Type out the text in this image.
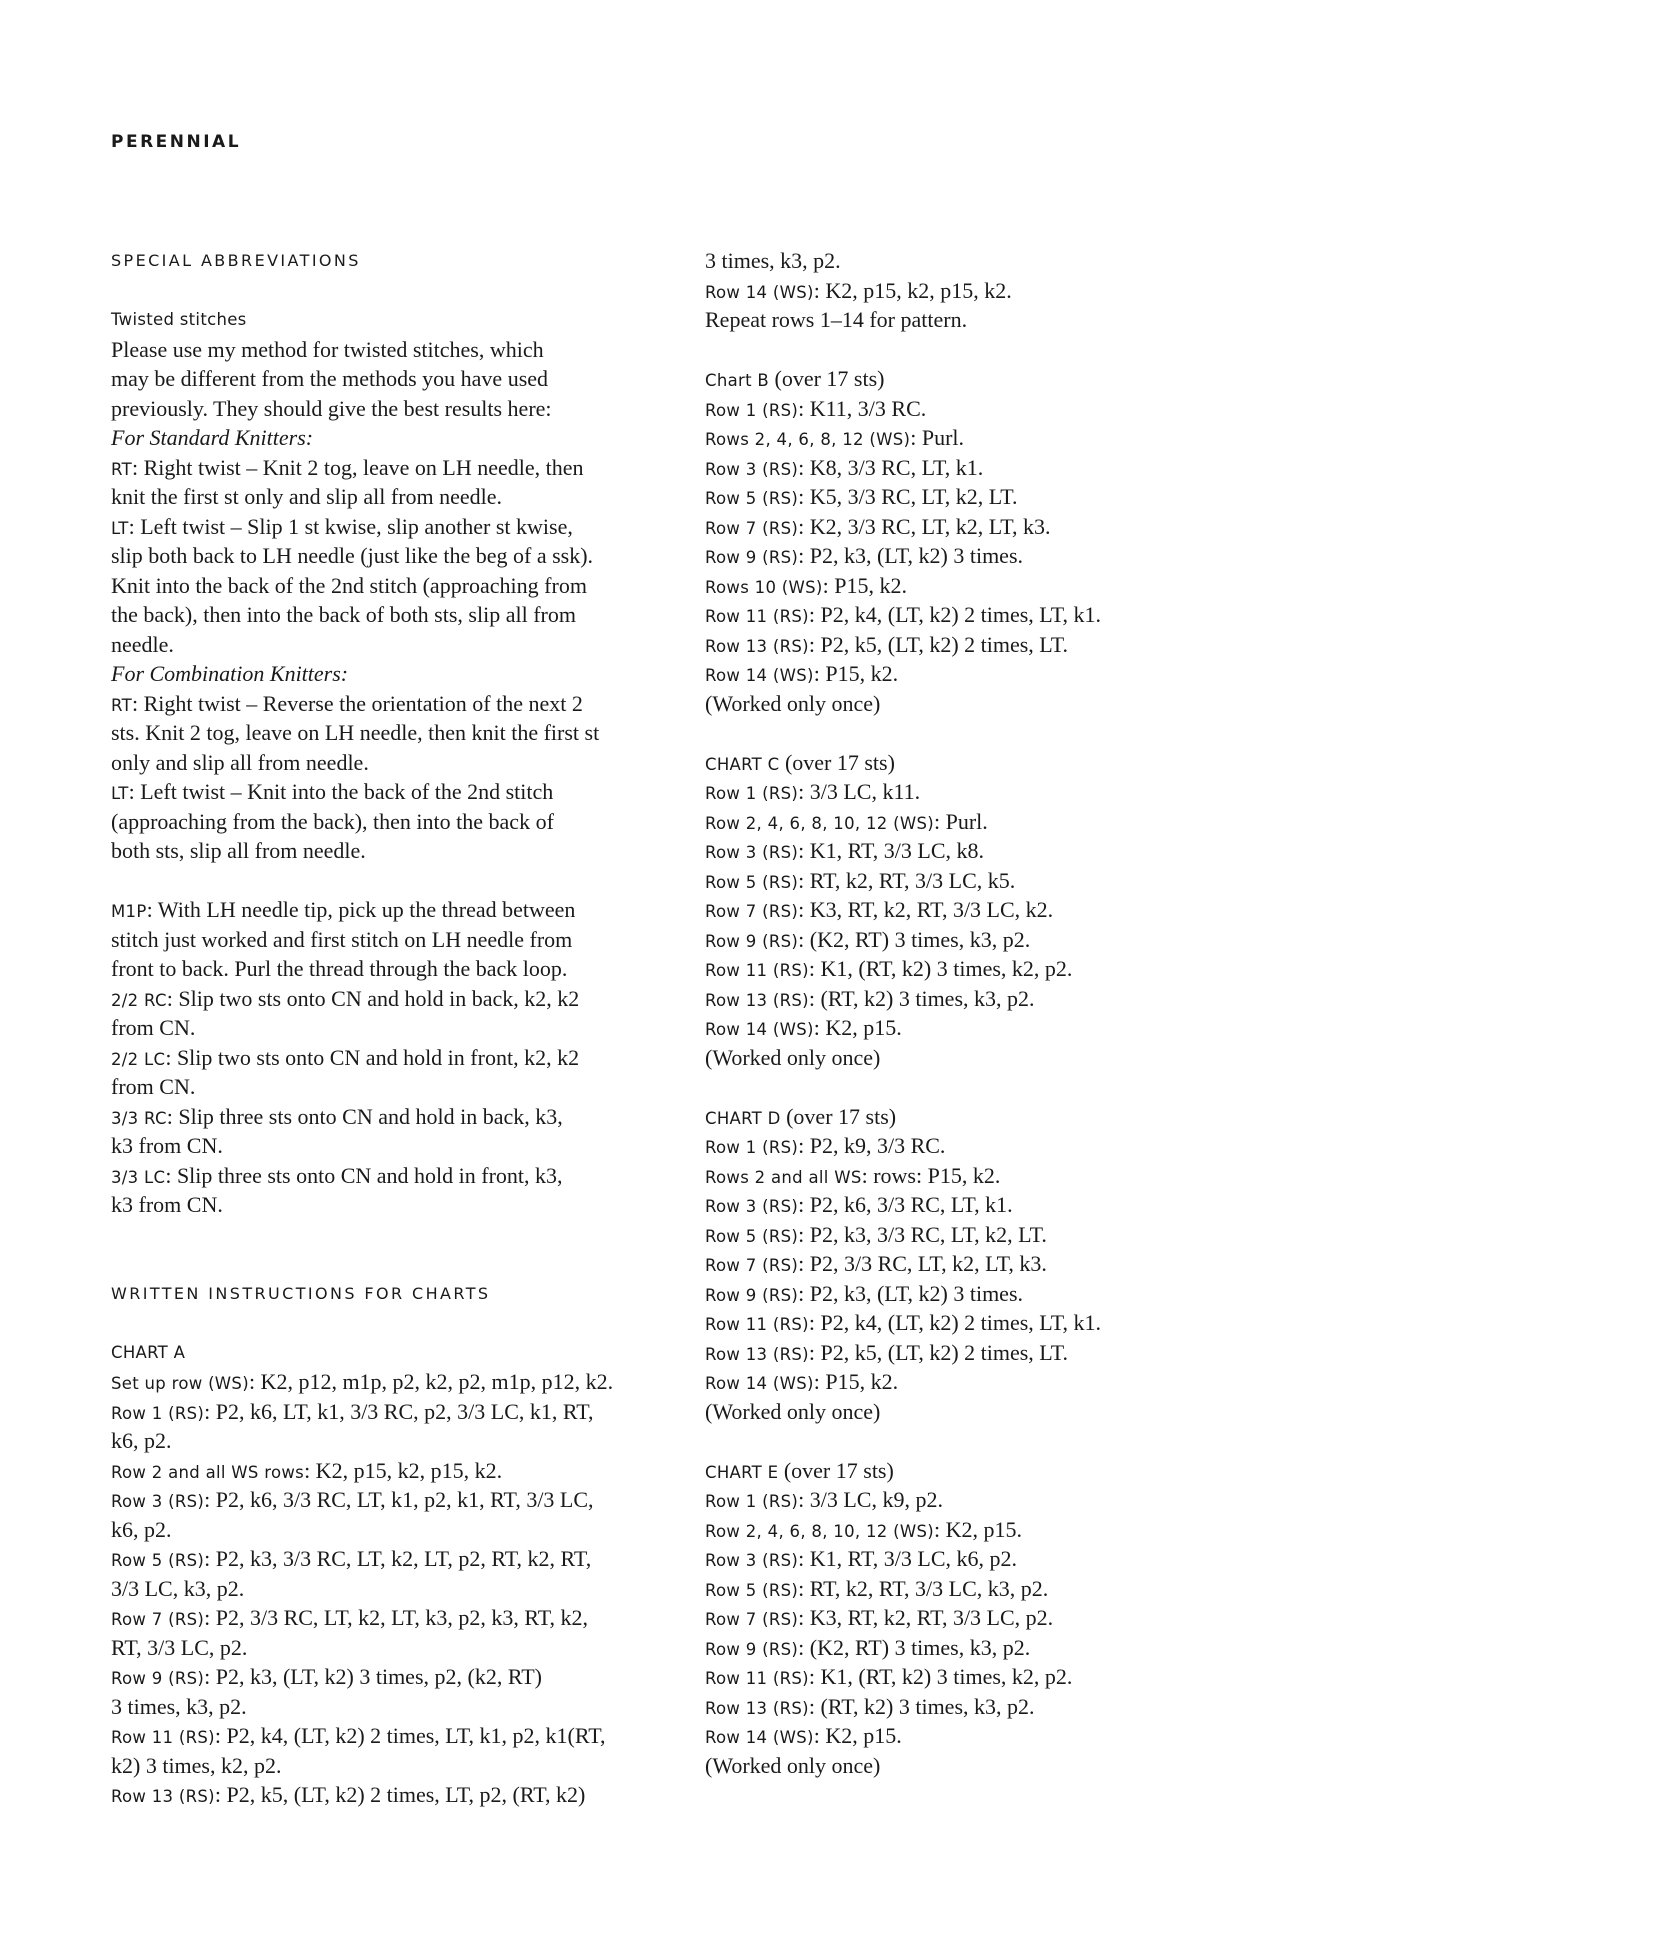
PERENNIAL
SPECIAL ABBREVIATIONS
Twisted stitches
Please use my method for twisted stitches, which
may be different from the methods you have used
previously. They should give the best results here:
For Standard Knitters:
RT: Right twist – Knit 2 tog, leave on LH needle, then
knit the first st only and slip all from needle.
LT: Left twist – Slip 1 st kwise, slip another st kwise,
slip both back to LH needle (just like the beg of a ssk).
Knit into the back of the 2nd stitch (approaching from
the back), then into the back of both sts, slip all from
needle.
For Combination Knitters:
RT: Right twist – Reverse the orientation of the next 2
sts. Knit 2 tog, leave on LH needle, then knit the first st
only and slip all from needle.
LT: Left twist – Knit into the back of the 2nd stitch
(approaching from the back), then into the back of
both sts, slip all from needle.
M1P: With LH needle tip, pick up the thread between
stitch just worked and first stitch on LH needle from
front to back. Purl the thread through the back loop.
2/2 RC: Slip two sts onto CN and hold in back, k2, k2
from CN.
2/2 LC: Slip two sts onto CN and hold in front, k2, k2
from CN.
3/3 RC: Slip three sts onto CN and hold in back, k3,
k3 from CN.
3/3 LC: Slip three sts onto CN and hold in front, k3,
k3 from CN.
WRITTEN INSTRUCTIONS FOR CHARTS
CHART A
Set up row (WS): K2, p12, m1p, p2, k2, p2, m1p, p12, k2.
Row 1 (RS): P2, k6, LT, k1, 3/3 RC, p2, 3/3 LC, k1, RT,
k6, p2.
Row 2 and all WS rows: K2, p15, k2, p15, k2.
Row 3 (RS): P2, k6, 3/3 RC, LT, k1, p2, k1, RT, 3/3 LC,
k6, p2.
Row 5 (RS): P2, k3, 3/3 RC, LT, k2, LT, p2, RT, k2, RT,
3/3 LC, k3, p2.
Row 7 (RS): P2, 3/3 RC, LT, k2, LT, k3, p2, k3, RT, k2,
RT, 3/3 LC, p2.
Row 9 (RS): P2, k3, (LT, k2) 3 times, p2, (k2, RT)
3 times, k3, p2.
Row 11 (RS): P2, k4, (LT, k2) 2 times, LT, k1, p2, k1(RT,
k2) 3 times, k2, p2.
Row 13 (RS): P2, k5, (LT, k2) 2 times, LT, p2, (RT, k2)
3 times, k3, p2.
Row 14 (WS): K2, p15, k2, p15, k2.
Repeat rows 1–14 for pattern.
Chart B (over 17 sts)
Row 1 (RS): K11, 3/3 RC.
Rows 2, 4, 6, 8, 12 (WS): Purl.
Row 3 (RS): K8, 3/3 RC, LT, k1.
Row 5 (RS): K5, 3/3 RC, LT, k2, LT.
Row 7 (RS): K2, 3/3 RC, LT, k2, LT, k3.
Row 9 (RS): P2, k3, (LT, k2) 3 times.
Rows 10 (WS): P15, k2.
Row 11 (RS): P2, k4, (LT, k2) 2 times, LT, k1.
Row 13 (RS): P2, k5, (LT, k2) 2 times, LT.
Row 14 (WS): P15, k2.
(Worked only once)
CHART C (over 17 sts)
Row 1 (RS): 3/3 LC, k11.
Row 2, 4, 6, 8, 10, 12 (WS): Purl.
Row 3 (RS): K1, RT, 3/3 LC, k8.
Row 5 (RS): RT, k2, RT, 3/3 LC, k5.
Row 7 (RS): K3, RT, k2, RT, 3/3 LC, k2.
Row 9 (RS): (K2, RT) 3 times, k3, p2.
Row 11 (RS): K1, (RT, k2) 3 times, k2, p2.
Row 13 (RS): (RT, k2) 3 times, k3, p2.
Row 14 (WS): K2, p15.
(Worked only once)
CHART D (over 17 sts)
Row 1 (RS): P2, k9, 3/3 RC.
Rows 2 and all WS: rows: P15, k2.
Row 3 (RS): P2, k6, 3/3 RC, LT, k1.
Row 5 (RS): P2, k3, 3/3 RC, LT, k2, LT.
Row 7 (RS): P2, 3/3 RC, LT, k2, LT, k3.
Row 9 (RS): P2, k3, (LT, k2) 3 times.
Row 11 (RS): P2, k4, (LT, k2) 2 times, LT, k1.
Row 13 (RS): P2, k5, (LT, k2) 2 times, LT.
Row 14 (WS): P15, k2.
(Worked only once)
CHART E (over 17 sts)
Row 1 (RS): 3/3 LC, k9, p2.
Row 2, 4, 6, 8, 10, 12 (WS): K2, p15.
Row 3 (RS): K1, RT, 3/3 LC, k6, p2.
Row 5 (RS): RT, k2, RT, 3/3 LC, k3, p2.
Row 7 (RS): K3, RT, k2, RT, 3/3 LC, p2.
Row 9 (RS): (K2, RT) 3 times, k3, p2.
Row 11 (RS): K1, (RT, k2) 3 times, k2, p2.
Row 13 (RS): (RT, k2) 3 times, k3, p2.
Row 14 (WS): K2, p15.
(Worked only once)
